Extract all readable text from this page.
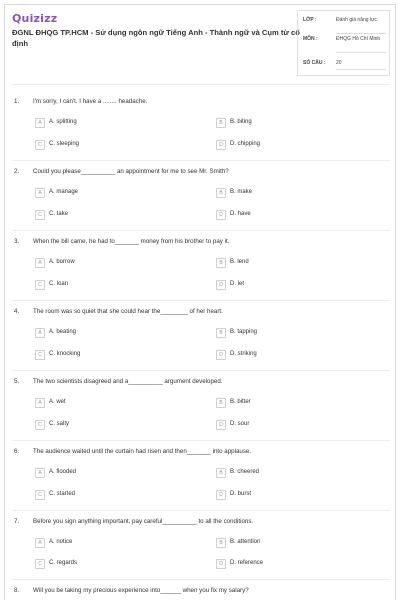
Quizizz
ĐGNL ĐHQG TP.HCM - Sử dụng ngôn ngữ Tiếng Anh - Thành ngữ và Cụm từ cố định
LỚP :	Đánh giá năng lực
MÔN :	ĐHQG Hồ Chí Minh
SỐ CÂU : 20
1. I'm sorry, I can't. I have a ........ headache.
A	A. splitting	B	B. biting
C	C. sleeping	D	D. chipping
2. Could you please__________ an appointment for me to see Mr. Smith?
A	A. manage	B	B. make
C	C. take	D	D. have
3. When the bill came, he had to_______ money from his brother to pay it.
A	A. borrow	B	B. lend
C	C. loan	D	D. let
4. The room was so quiet that she could hear the________ of her heart.
A	A. beating	B	B. tapping
C	C. knocking	D	D. striking
5. The two scientists disagreed and a__________ argument developed.
A	A. wet	B	B. bitter
C	C. salty	D	D. sour
6. The audience waited until the curtain had risen and then_______ into applause.
A	A. flooded	B	B. cheered
C	C. started	D	D. burst
7. Before you sign anything important, pay careful__________ to all the conditions.
A	A. notice	B	B. attention
C	C. regards	D	D. reference
8. Will you be taking my precious experience into______ when you fix my salary?
